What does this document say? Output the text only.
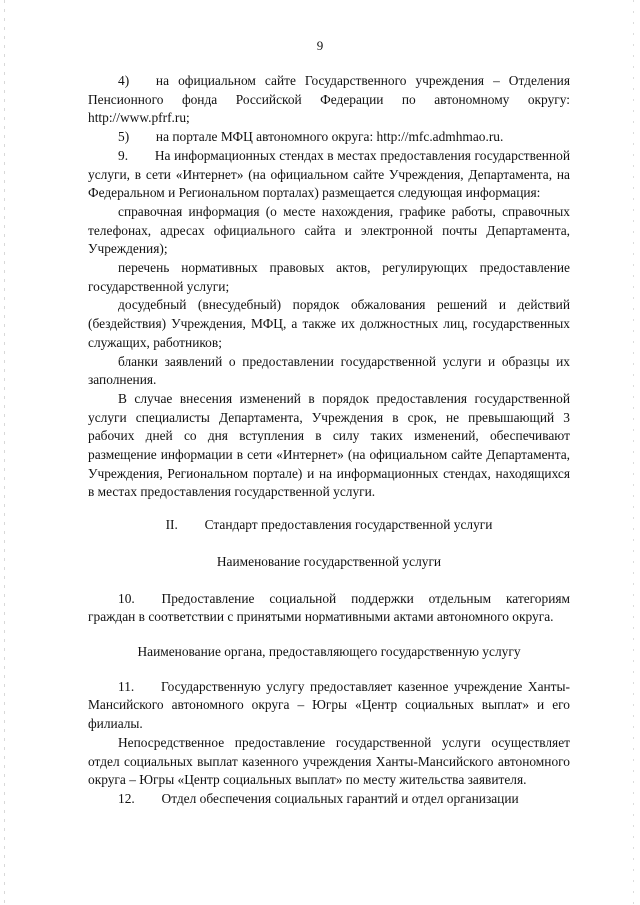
9

4)  на официальном сайте Государственного учреждения – Отделения Пенсионного фонда Российской Федерации по автономному округу: http://www.pfrf.ru;

5)  на портале МФЦ автономного округа: http://mfc.admhmao.ru.

9.  На информационных стендах в местах предоставления государственной услуги, в сети «Интернет» (на официальном сайте Учреждения, Департамента, на Федеральном и Региональном порталах) размещается следующая информация:

справочная информация (о месте нахождения, графике работы, справочных телефонах, адресах официального сайта и электронной почты Департамента, Учреждения);

перечень нормативных правовых актов, регулирующих предоставление государственной услуги;

досудебный (внесудебный) порядок обжалования решений и действий (бездействия) Учреждения, МФЦ, а также их должностных лиц, государственных служащих, работников;

бланки заявлений о предоставлении государственной услуги и образцы их заполнения.

В случае внесения изменений в порядок предоставления государственной услуги специалисты Департамента, Учреждения в срок, не превышающий 3 рабочих дней со дня вступления в силу таких изменений, обеспечивают размещение информации в сети «Интернет» (на официальном сайте Департамента, Учреждения, Региональном портале) и на информационных стендах, находящихся в местах предоставления государственной услуги.

II.  Стандарт предоставления государственной услуги
Наименование государственной услуги

10.  Предоставление социальной поддержки отдельным категориям граждан в соответствии с принятыми нормативными актами автономного округа.

Наименование органа, предоставляющего государственную услугу

11.  Государственную услугу предоставляет казенное учреждение Ханты-Мансийского автономного округа – Югры «Центр социальных выплат» и его филиалы.

Непосредственное предоставление государственной услуги осуществляет отдел социальных выплат казенного учреждения Ханты-Мансийского автономного округа – Югры «Центр социальных выплат» по месту жительства заявителя.

12.  Отдел обеспечения социальных гарантий и отдел организации
